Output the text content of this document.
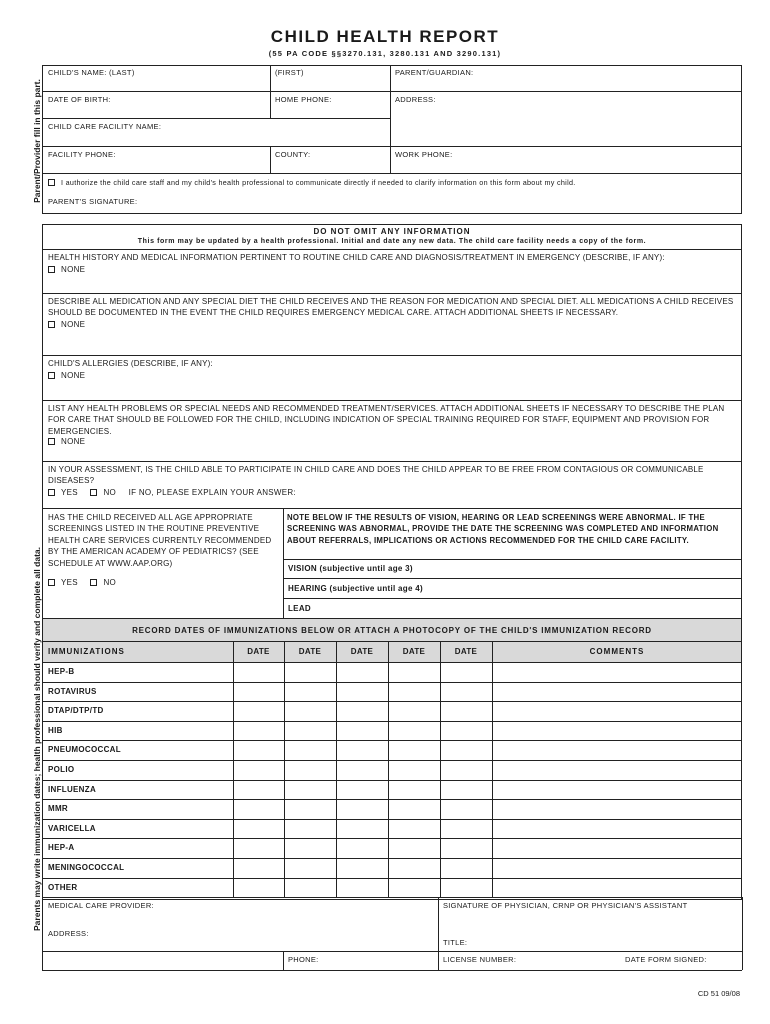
CHILD HEALTH REPORT
(55 PA CODE §§3270.131, 3280.131 AND 3290.131)
Parent/Provider fill in this part.
Parents may write immunization dates; health professional should verify and complete all data.
CHILD'S NAME: (LAST)	(FIRST)	PARENT/GUARDIAN:
DATE OF BIRTH:	HOME PHONE:	ADDRESS:
CHILD CARE FACILITY NAME:
FACILITY PHONE:	COUNTY:	WORK PHONE:
I authorize the child care staff and my child's health professional to communicate directly if needed to clarify information on this form about my child.
PARENT'S SIGNATURE:
DO NOT OMIT ANY INFORMATION
This form may be updated by a health professional. Initial and date any new data. The child care facility needs a copy of the form.
HEALTH HISTORY AND MEDICAL INFORMATION PERTINENT TO ROUTINE CHILD CARE AND DIAGNOSIS/TREATMENT IN EMERGENCY (DESCRIBE, IF ANY):
NONE
DESCRIBE ALL MEDICATION AND ANY SPECIAL DIET THE CHILD RECEIVES AND THE REASON FOR MEDICATION AND SPECIAL DIET. ALL MEDICATIONS A CHILD RECEIVES SHOULD BE DOCUMENTED IN THE EVENT THE CHILD REQUIRES EMERGENCY MEDICAL CARE. ATTACH ADDITIONAL SHEETS IF NECESSARY.
NONE
CHILD'S ALLERGIES (DESCRIBE, IF ANY):
NONE
LIST ANY HEALTH PROBLEMS OR SPECIAL NEEDS AND RECOMMENDED TREATMENT/SERVICES. ATTACH ADDITIONAL SHEETS IF NECESSARY TO DESCRIBE THE PLAN FOR CARE THAT SHOULD BE FOLLOWED FOR THE CHILD, INCLUDING INDICATION OF SPECIAL TRAINING REQUIRED FOR STAFF, EQUIPMENT AND PROVISION FOR EMERGENCIES.
NONE
IN YOUR ASSESSMENT, IS THE CHILD ABLE TO PARTICIPATE IN CHILD CARE AND DOES THE CHILD APPEAR TO BE FREE FROM CONTAGIOUS OR COMMUNICABLE DISEASES?
YES	NO IF NO, PLEASE EXPLAIN YOUR ANSWER:
HAS THE CHILD RECEIVED ALL AGE APPROPRIATE SCREENINGS LISTED IN THE ROUTINE PREVENTIVE HEALTH CARE SERVICES CURRENTLY RECOMMENDED BY THE AMERICAN ACADEMY OF PEDIATRICS? (SEE SCHEDULE AT WWW.AAP.ORG)
YES	NO
NOTE BELOW IF THE RESULTS OF VISION, HEARING OR LEAD SCREENINGS WERE ABNORMAL. IF THE SCREENING WAS ABNORMAL, PROVIDE THE DATE THE SCREENING WAS COMPLETED AND INFORMATION ABOUT REFERRALS, IMPLICATIONS OR ACTIONS RECOMMENDED FOR THE CHILD CARE FACILITY.
VISION (subjective until age 3)
HEARING (subjective until age 4)
LEAD
RECORD DATES OF IMMUNIZATIONS BELOW OR ATTACH A PHOTOCOPY OF THE CHILD'S IMMUNIZATION RECORD
IMMUNIZATIONS	DATE	DATE	DATE	DATE	DATE	COMMENTS
HEP-B
ROTAVIRUS
DTAP/DTP/TD
HIB
PNEUMOCOCCAL
POLIO
INFLUENZA
MMR
VARICELLA
HEP-A
MENINGOCOCCAL
OTHER
MEDICAL CARE PROVIDER:	SIGNATURE OF PHYSICIAN, CRNP OR PHYSICIAN'S ASSISTANT
ADDRESS:
TITLE:
PHONE:	LICENSE NUMBER:	DATE FORM SIGNED:
CD 51 09/08
